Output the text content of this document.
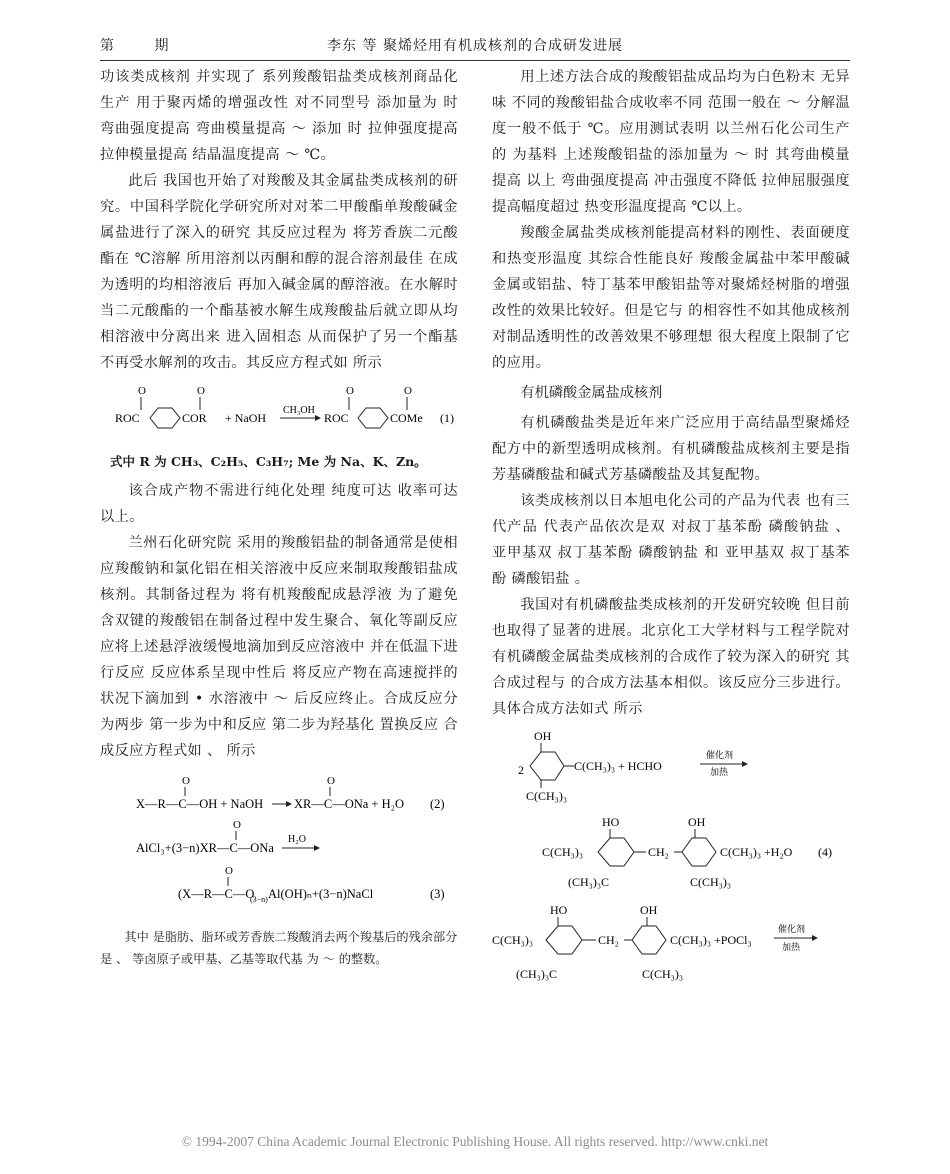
第 期	李东 等 聚烯烃用有机成核剂的合成研发进展

功该类成核剂 并实现了 系列羧酸铝盐类成核剂商品化生产 用于聚丙烯的增强改性 对不同型号 添加量为 时 弯曲强度提高 弯曲模量提高 ～ 添加 时 拉伸强度提高 拉伸模量提高 结晶温度提高 ～ ℃。

此后 我国也开始了对羧酸及其金属盐类成核剂的研究。中国科学院化学研究所对对苯二甲酸酯单羧酸碱金属盐进行了深入的研究 其反应过程为 将芳香族二元酸酯在 ℃溶解 所用溶剂以丙酮和醇的混合溶剂最佳 在成为透明的均相溶液后 再加入碱金属的醇溶液。在水解时 当二元酸酯的一个酯基被水解生成羧酸盐后就立即从均相溶液中分离出来 进入固相态 从而保护了另一个酯基不再受水解剂的攻击。其反应方程式如 所示

O
ROC
O
COR + NaOH
CH₃OH
O
ROC
O
COMe (1)

式中 R 为 CH₃、C₂H₅、C₃H₇; Me 为 Na、K、Zn。

该合成产物不需进行纯化处理 纯度可达 收率可达 以上。

兰州石化研究院 采用的羧酸铝盐的制备通常是使相应羧酸钠和氯化铝在相关溶液中反应来制取羧酸铝盐成核剂。其制备过程为 将有机羧酸配成悬浮液 为了避免含双键的羧酸铝在制备过程中发生聚合、氧化等副反应 应将上述悬浮液缓慢地滴加到反应溶液中 并在低温下进行反应 反应体系呈现中性后 将反应产物在高速搅拌的状况下滴加到 • 水溶液中 ～ 后反应终止。合成反应分为两步 第一步为中和反应 第二步为羟基化 置换反应 合成反应方程式如 、 所示

O
X—R—C—OH + NaOH
O
XR—C—ONa + H₂O (2)
O
AlCl₃+(3−n)XR—C—ONa
H₂O
O
(X—R—C—O
(3−n) Al(OH)ₙ+(3−n)NaCl	(3)

其中 是脂肪、脂环或芳香族二羧酸消去两个羧基后的残余部分 是 、 等卤原子或甲基、乙基等取代基 为 ～ 的整数。

用上述方法合成的羧酸铝盐成品均为白色粉末 无异味 不同的羧酸铝盐合成收率不同 范围一般在 ～ 分解温度一般不低于 ℃。应用测试表明 以兰州石化公司生产的 为基料 上述羧酸铝盐的添加量为 ～ 时 其弯曲模量提高 以上 弯曲强度提高 冲击强度不降低 拉伸屈服强度提高幅度超过 热变形温度提高 ℃以上。

羧酸金属盐类成核剂能提高材料的刚性、表面硬度和热变形温度 其综合性能良好 羧酸金属盐中苯甲酸碱金属或铝盐、特丁基苯甲酸铝盐等对聚烯烃树脂的增强改性的效果比较好。但是它与 的相容性不如其他成核剂 对制品透明性的改善效果不够理想 很大程度上限制了它的应用。

有机磷酸金属盐成核剂

有机磷酸盐类是近年来广泛应用于高结晶型聚烯烃配方中的新型透明成核剂。有机磷酸盐成核剂主要是指芳基磷酸盐和碱式芳基磷酸盐及其复配物。

该类成核剂以日本旭电化公司的产品为代表 也有三代产品 代表产品依次是双 对叔丁基苯酚 磷酸钠盐 、 亚甲基双 叔丁基苯酚 磷酸钠盐 和 亚甲基双 叔丁基苯酚 磷酸铝盐 。

我国对有机磷酸盐类成核剂的开发研究较晚 但目前也取得了显著的进展。北京化工大学材料与工程学院对有机磷酸金属盐类成核剂的合成作了较为深入的研究 其合成过程与 的合成方法基本相似。该反应分三步进行。具体合成方法如式 所示

OH
2	C(CH₃)₃ + HCHO
催化剂
加热
C(CH₃)₃
HO
C(CH₃)₃	CH₂
OH
C(CH₃)₃ +H₂O (4)
(CH₃)₃C	C(CH₃)₃
HO
C(CH₃)₃	CH₂
OH
C(CH₃)₃ +POCl₃
催化剂
加热
(CH₃)₃C	C(CH₃)₃
© 1994-2007 China Academic Journal Electronic Publishing House. All rights reserved. http://www.cnki.net
